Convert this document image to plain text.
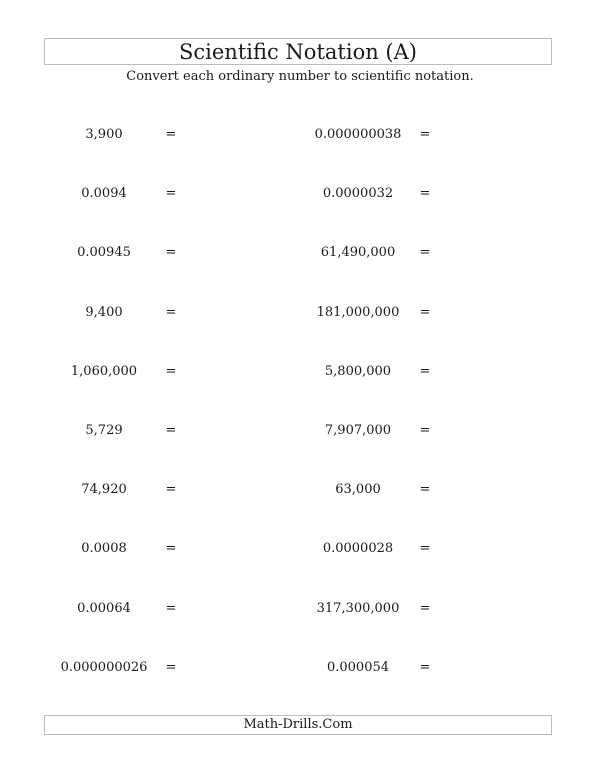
Scientific Notation (A)
Convert each ordinary number to scientific notation.
3,900	=	0.000000038	=
0.0094	=	0.0000032	=
0.00945	=	61,490,000	=
9,400	=	181,000,000	=
1,060,000	=	5,800,000	=
5,729	=	7,907,000	=
74,920	=	63,000	=
0.0008	=	0.0000028	=
0.00064	=	317,300,000	=
0.000000026	=	0.000054	=
Math-Drills.Com
